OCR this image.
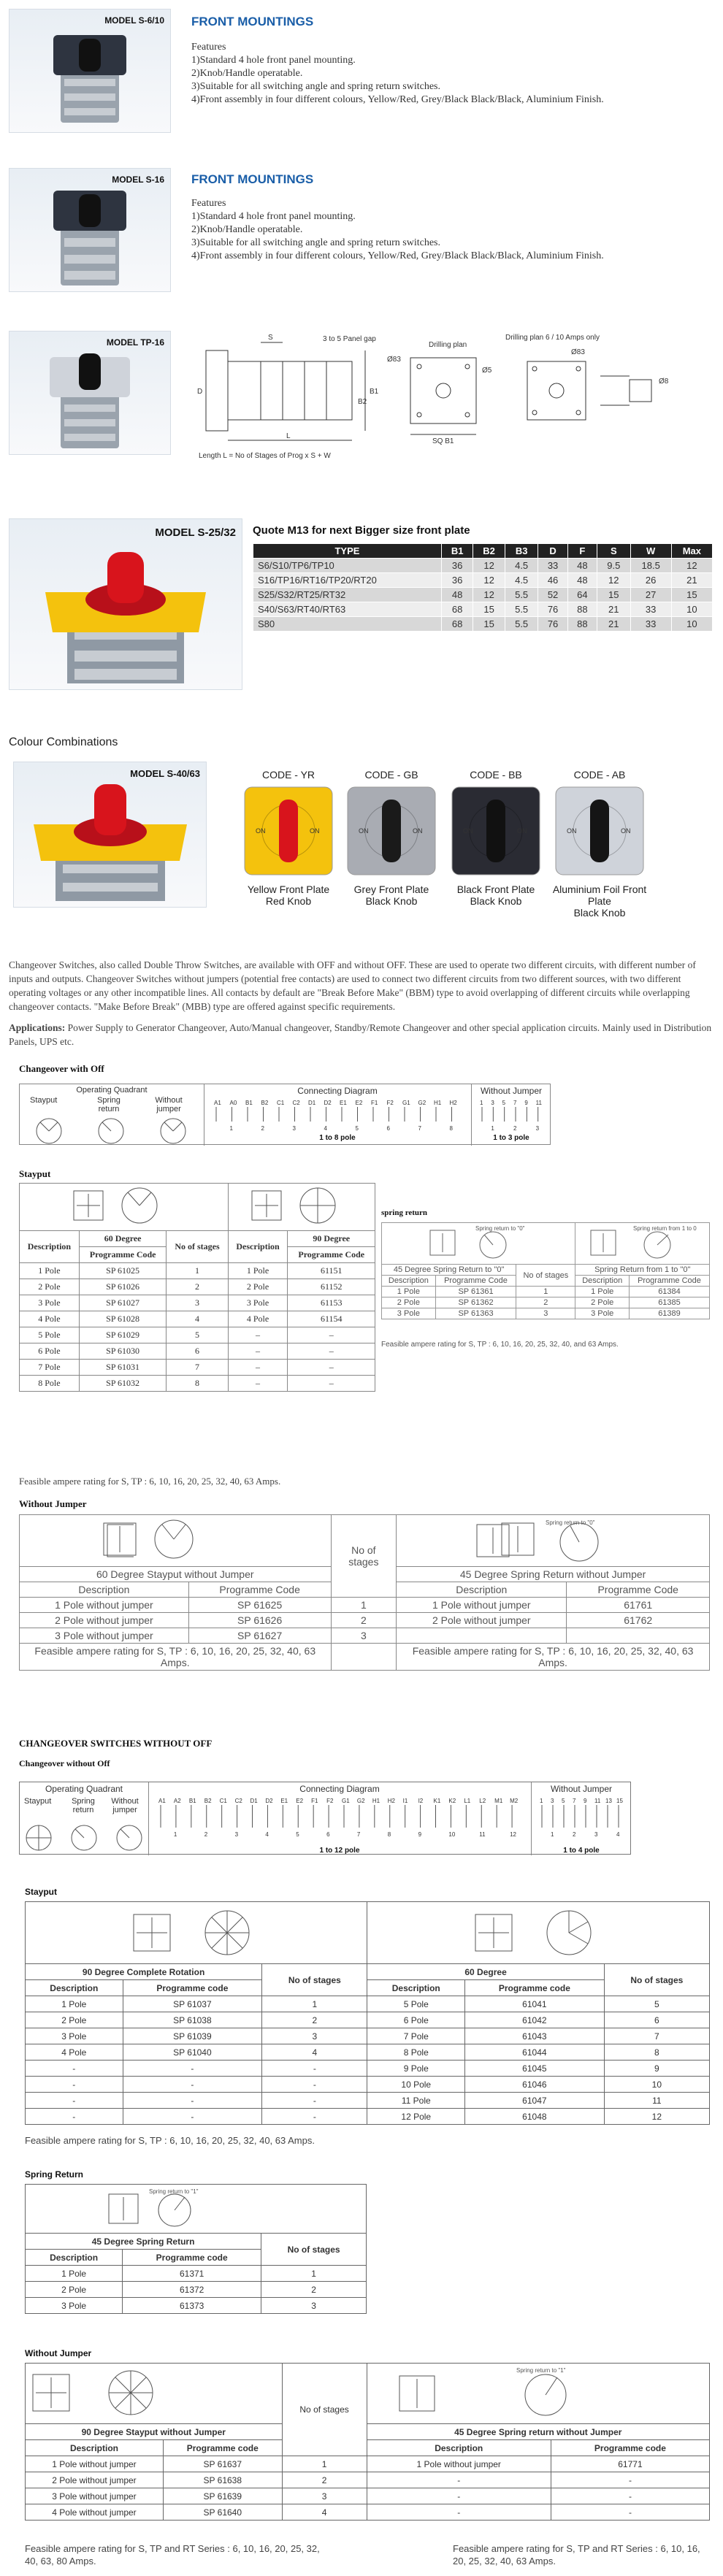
MODEL S-6/10	FRONT MOUNTINGS
Features
1)Standard 4 hole front panel mounting.
2)Knob/Handle operatable.
3)Suitable for all switching angle and spring return switches.
4)Front assembly in four different colours, Yellow/Red, Grey/Black Black/Black, Aluminium Finish.
MODEL S-16	FRONT MOUNTINGS
Features
1)Standard 4 hole front panel mounting.
2)Knob/Handle operatable.
3)Suitable for all switching angle and spring return switches.
4)Front assembly in four different colours, Yellow/Red, Grey/Black Black/Black, Aluminium Finish.
MODEL TP-16	S	3 to 5 Panel gap
Drilling plan
Drilling plan 6 / 10 Amps only
Ø83
Ø83
Ø5
Ø8
B1
B2
D
L
SQ B1
Length L = No of Stages of Prog x S + W
MODEL S-25/32	Quote M13 for next Bigger size front plate
TYPE	B1	B2	B3	D	F	S	W	Max
S6/S10/TP6/TP10	36	12	4.5	33	48	9.5	18.5	12
S16/TP16/RT16/TP20/RT20	36	12	4.5	46	48	12	26	21
S25/S32/RT25/RT32	48	12	5.5	52	64	15	27	15
S40/S63/RT40/RT63	68	15	5.5	76	88	21	33	10
S80	68	15	5.5	76	88	21	33	10
Colour Combinations
MODEL S-40/63	CODE - YR
ON	ON
Yellow Front Plate
Red Knob
CODE - GB
ON	ON
Grey Front Plate
Black Knob
CODE - BB
ON	ON
Black Front Plate
Black Knob
CODE - AB
ON	ON
Aluminium Foil Front Plate
Black Knob
Changeover Switches, also called Double Throw Switches, are available with OFF and without OFF. These are used to operate two different circuits, with different number of inputs and outputs. Changeover Switches without jumpers (potential free contacts) are used to connect two different circuits from two different sources, with two different operating voltages or any other incompatible lines. All contacts by default are "Break Before Make" (BBM) type to avoid overlapping of different circuits while overlapping changeover contacts. "Make Before Break" (MBB) type are offered against specific requirements.
Applications: Power Supply to Generator Changeover, Auto/Manual changeover, Standby/Remote Changeover and other special application circuits. Mainly used in Distribution Panels, UPS etc.
Changeover with Off
Operating Quadrant
Stayput	Spring return
Without jumper
Connecting Diagram
A1 A0 B1 B2 C1 C2 D1 D2 E1 E2 F1 F2 G1 G2 H1 H2
1	2	3	4	5	6	7	8
1 to 8 pole
Without Jumper
1 3 5 7 9 11
1	2	3
1 to 3 pole
Stayput

Description	60 Degree	No of stages	Description	90 Degree
	Programme Code			Programme Code
1 Pole	SP 61025	1	1 Pole	61151
2 Pole	SP 61026	2	2 Pole	61152
3 Pole	SP 61027	3	3 Pole	61153
4 Pole	SP 61028	4	4 Pole	61154
5 Pole	SP 61029	5	–	–
6 Pole	SP 61030	6	–	–
7 Pole	SP 61031	7	–	–
8 Pole	SP 61032	8	–	–
Feasible ampere rating for S, TP : 6, 10, 16, 20, 25, 32, 40, 63 Amps.
spring return
Spring return to "0"			Spring return from 1 to 0	

45 Degree Spring Return to "0"		No of stages	Spring Return from 1 to "0"	
Description	Programme Code		Description	Programme Code
1 Pole	SP 61361	1	1 Pole	61384
2 Pole	SP 61362	2	2 Pole	61385
3 Pole	SP 61363	3	3 Pole	61389
Feasible ampere rating for S, TP : 6, 10, 16, 20, 25, 32, 40, and 63 Amps.
Without Jumper
	No of stages	
60 Degree Stayput without Jumper			45 Degree Spring Return without Jumper	
Description	Programme Code		Description	Programme Code
1 Pole without jumper	SP 61625	1	1 Pole without jumper	61761
2 Pole without jumper	SP 61626	2	2 Pole without jumper	61762
3 Pole without jumper	SP 61627	3		
Feasible ampere rating for S, TP : 6, 10, 16, 20, 25, 32, 40, 63 Amps.			Feasible ampere rating for S, TP : 6, 10, 16, 20, 25, 32, 40, 63 Amps.	
Spring return to "0"
CHANGEOVER SWITCHES WITHOUT OFF
Changeover without Off
Operating Quadrant
Stayput	Spring return
Without jumper
Connecting Diagram
A1 A2 B1 B2 C1 C2 D1 D2 E1 E2 F1 F2 G1 G2 H1 H2 I1 I2 K1 K2 L1 L2 M1 M2
1	2	3	4	5	6	7	8	9	10	11	12
1 to 12 pole
Without Jumper
1 3 5 7 9 11 13 15
1	2	3	4
1 to 4 pole
Stayput

90 Degree Complete Rotation		No of stages	60 Degree		No of stages
Description	Programme code		Description	Programme code	
1 Pole	SP 61037	1	5 Pole	61041	5
2 Pole	SP 61038	2	6 Pole	61042	6
3 Pole	SP 61039	3	7 Pole	61043	7
4 Pole	SP 61040	4	8 Pole	61044	8
-	-	-	9 Pole	61045	9
-	-	-	10 Pole	61046	10
-	-	-	11 Pole	61047	11
-	-	-	12 Pole	61048	12
Feasible ampere rating for S, TP : 6, 10, 16, 20, 25, 32, 40, 63 Amps.
Spring Return
Spring return to "1"		

45 Degree Spring Return		No of stages
Description	Programme code	
1 Pole	61371	1
2 Pole	61372	2
3 Pole	61373	3
Without Jumper
	No of stages	Spring return to "1"	

90 Degree Stayput without Jumper			45 Degree Spring return without Jumper	
Description	Programme code		Description	Programme code
1 Pole without jumper	SP 61637	1	1 Pole without jumper	61771
2 Pole without jumper	SP 61638	2	-	-
3 Pole without jumper	SP 61639	3	-	-
4 Pole without jumper	SP 61640	4	-	-
Feasible ampere rating for S, TP and RT Series : 6, 10, 16, 20, 25, 32, 40, 63, 80 Amps.
Feasible ampere rating for S, TP and RT Series : 6, 10, 16, 20, 25, 32, 40, 63 Amps.
